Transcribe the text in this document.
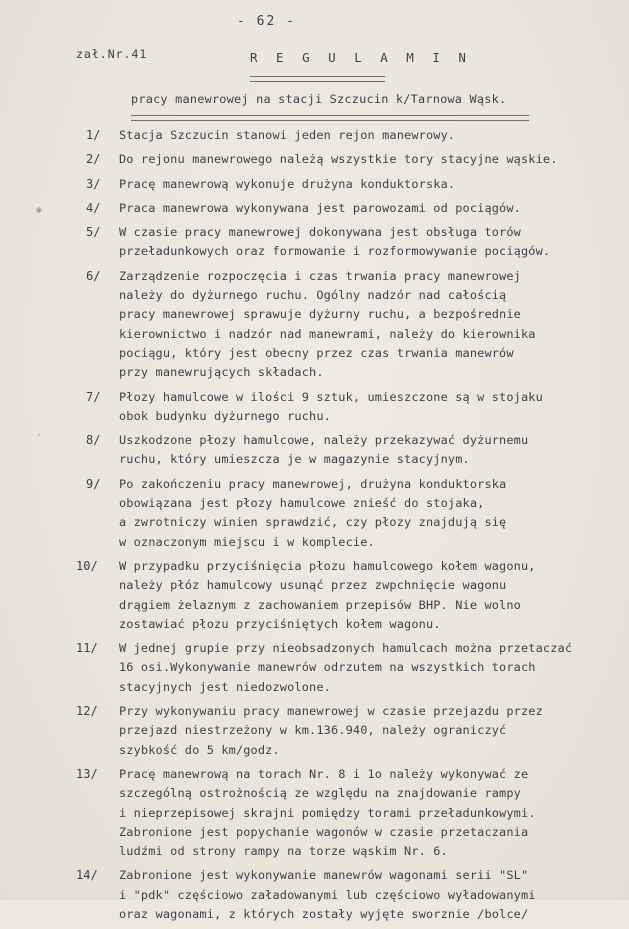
- 62 -
zał.Nr.41	R E G U L A M I N
pracy manewrowej na stacji Szczucin k/Tarnowa Wąsk.
✱
·
1/	Stacja Szczucin stanowi jeden rejon manewrowy.
2/	Do rejonu manewrowego należą wszystkie tory stacyjne wąskie.
3/	Pracę manewrową wykonuje drużyna konduktorska.
4/	Praca manewrowa wykonywana jest parowozami od pociągów.
5/	W czasie pracy manewrowej dokonywana jest obsługa torów
przeładunkowych oraz formowanie i rozformowywanie pociągów.
6/	Zarządzenie rozpoczęcia i czas trwania pracy manewrowej
należy do dyżurnego ruchu. Ogólny nadzór nad całością
pracy manewrowej sprawuje dyżurny ruchu, a bezpośrednie
kierownictwo i nadzór nad manewrami, należy do kierownika
pociągu, który jest obecny przez czas trwania manewrów
przy manewrujących składach.
7/	Płozy hamulcowe w ilości 9 sztuk, umieszczone są w stojaku
obok budynku dyżurnego ruchu.
8/	Uszkodzone płozy hamulcowe, należy przekazywać dyżurnemu
ruchu, który umieszcza je w magazynie stacyjnym.
9/	Po zakończeniu pracy manewrowej, drużyna konduktorska
obowiązana jest płozy hamulcowe znieść do stojaka,
a zwrotniczy winien sprawdzić, czy płozy znajdują się
w oznaczonym miejscu i w komplecie.
10/	W przypadku przyciśnięcia płozu hamulcowego kołem wagonu,
należy płóz hamulcowy usunąć przez zwpchnięcie wagonu
drągiem żelaznym z zachowaniem przepisów BHP. Nie wolno
zostawiać płozu przyciśniętych kołem wagonu.
11/	W jednej grupie przy nieobsadzonych hamulcach można przetaczać
16 osi.Wykonywanie manewrów odrzutem na wszystkich torach
stacyjnych jest niedozwolone.
12/	Przy wykonywaniu pracy manewrowej w czasie przejazdu przez
przejazd niestrzeżony w km.136.940, należy ograniczyć
szybkość do 5 km/godz.
13/	Pracę manewrową na torach Nr. 8 i 1o należy wykonywać ze
szczególną ostrożnością ze względu na znajdowanie rampy
i nieprzepisowej skrajni pomiędzy torami przeładunkowymi.
Zabronione jest popychanie wagonów w czasie przetaczania
ludźmi od strony rampy na torze wąskim Nr. 6.
14/	Zabronione jest wykonywanie manewrów wagonami serii "SL"
i "pdk" częściowo załadowanymi lub częściowo wyładowanymi
oraz wagonami, z których zostały wyjęte sworznie /bolce/
